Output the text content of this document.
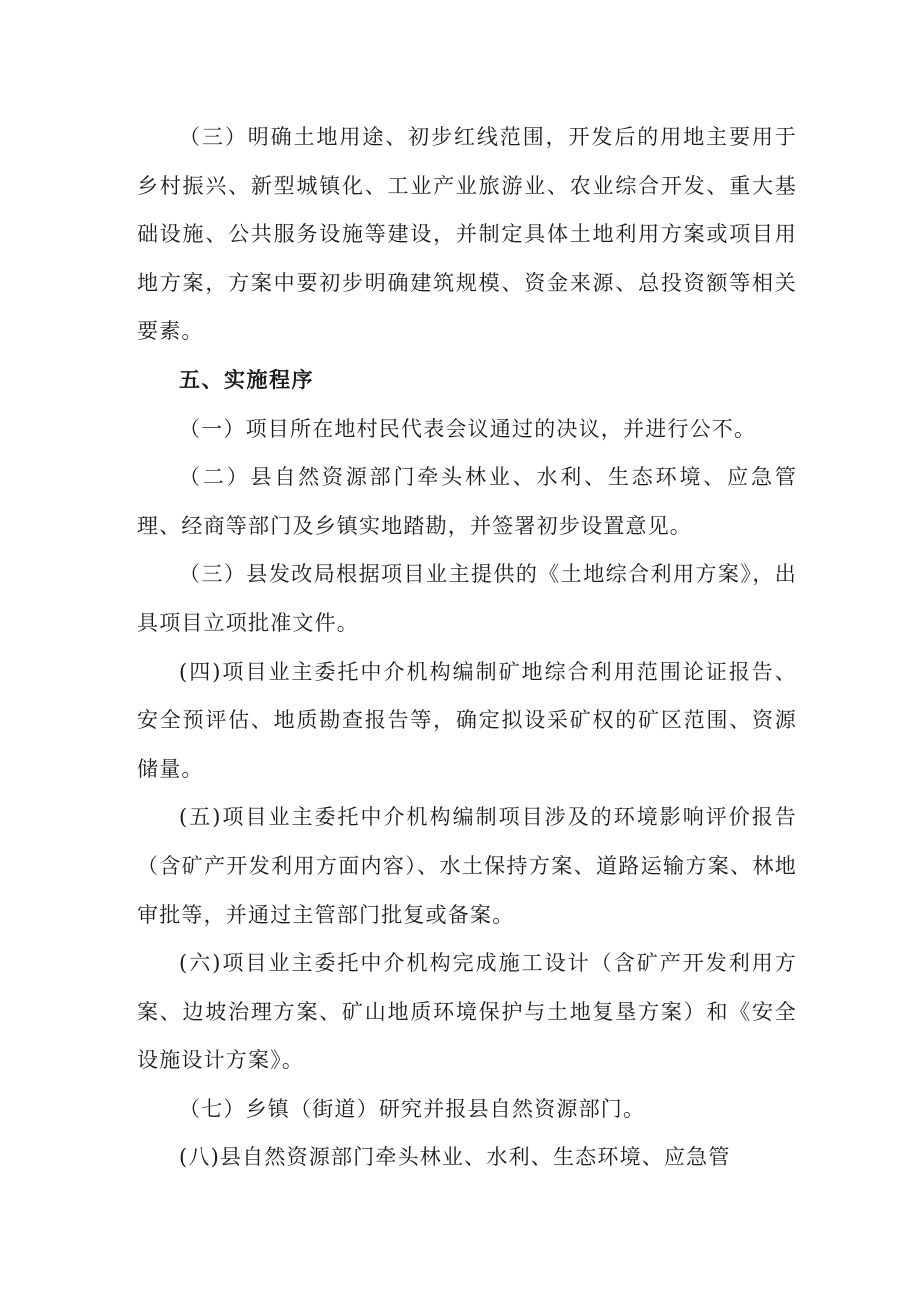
（三）明确土地用途、初步红线范围，开发后的用地主要用于乡村振兴、新型城镇化、工业产业旅游业、农业综合开发、重大基础设施、公共服务设施等建设，并制定具体土地利用方案或项目用地方案，方案中要初步明确建筑规模、资金来源、总投资额等相关要素。

五、实施程序

（一）项目所在地村民代表会议通过的决议，并进行公不。

（二）县自然资源部门牵头林业、水利、生态环境、应急管理、经商等部门及乡镇实地踏勘，并签署初步设置意见。

（三）县发改局根据项目业主提供的《土地综合利用方案》，出具项目立项批准文件。

(四)项目业主委托中介机构编制矿地综合利用范围论证报告、安全预评估、地质勘查报告等，确定拟设采矿权的矿区范围、资源储量。

(五)项目业主委托中介机构编制项目涉及的环境影响评价报告（含矿产开发利用方面内容）、水土保持方案、道路运输方案、林地审批等，并通过主管部门批复或备案。

(六)项目业主委托中介机构完成施工设计（含矿产开发利用方案、边坡治理方案、矿山地质环境保护与土地复垦方案）和《安全设施设计方案》。

（七）乡镇（街道）研究并报县自然资源部门。

(八)县自然资源部门牵头林业、水利、生态环境、应急管
